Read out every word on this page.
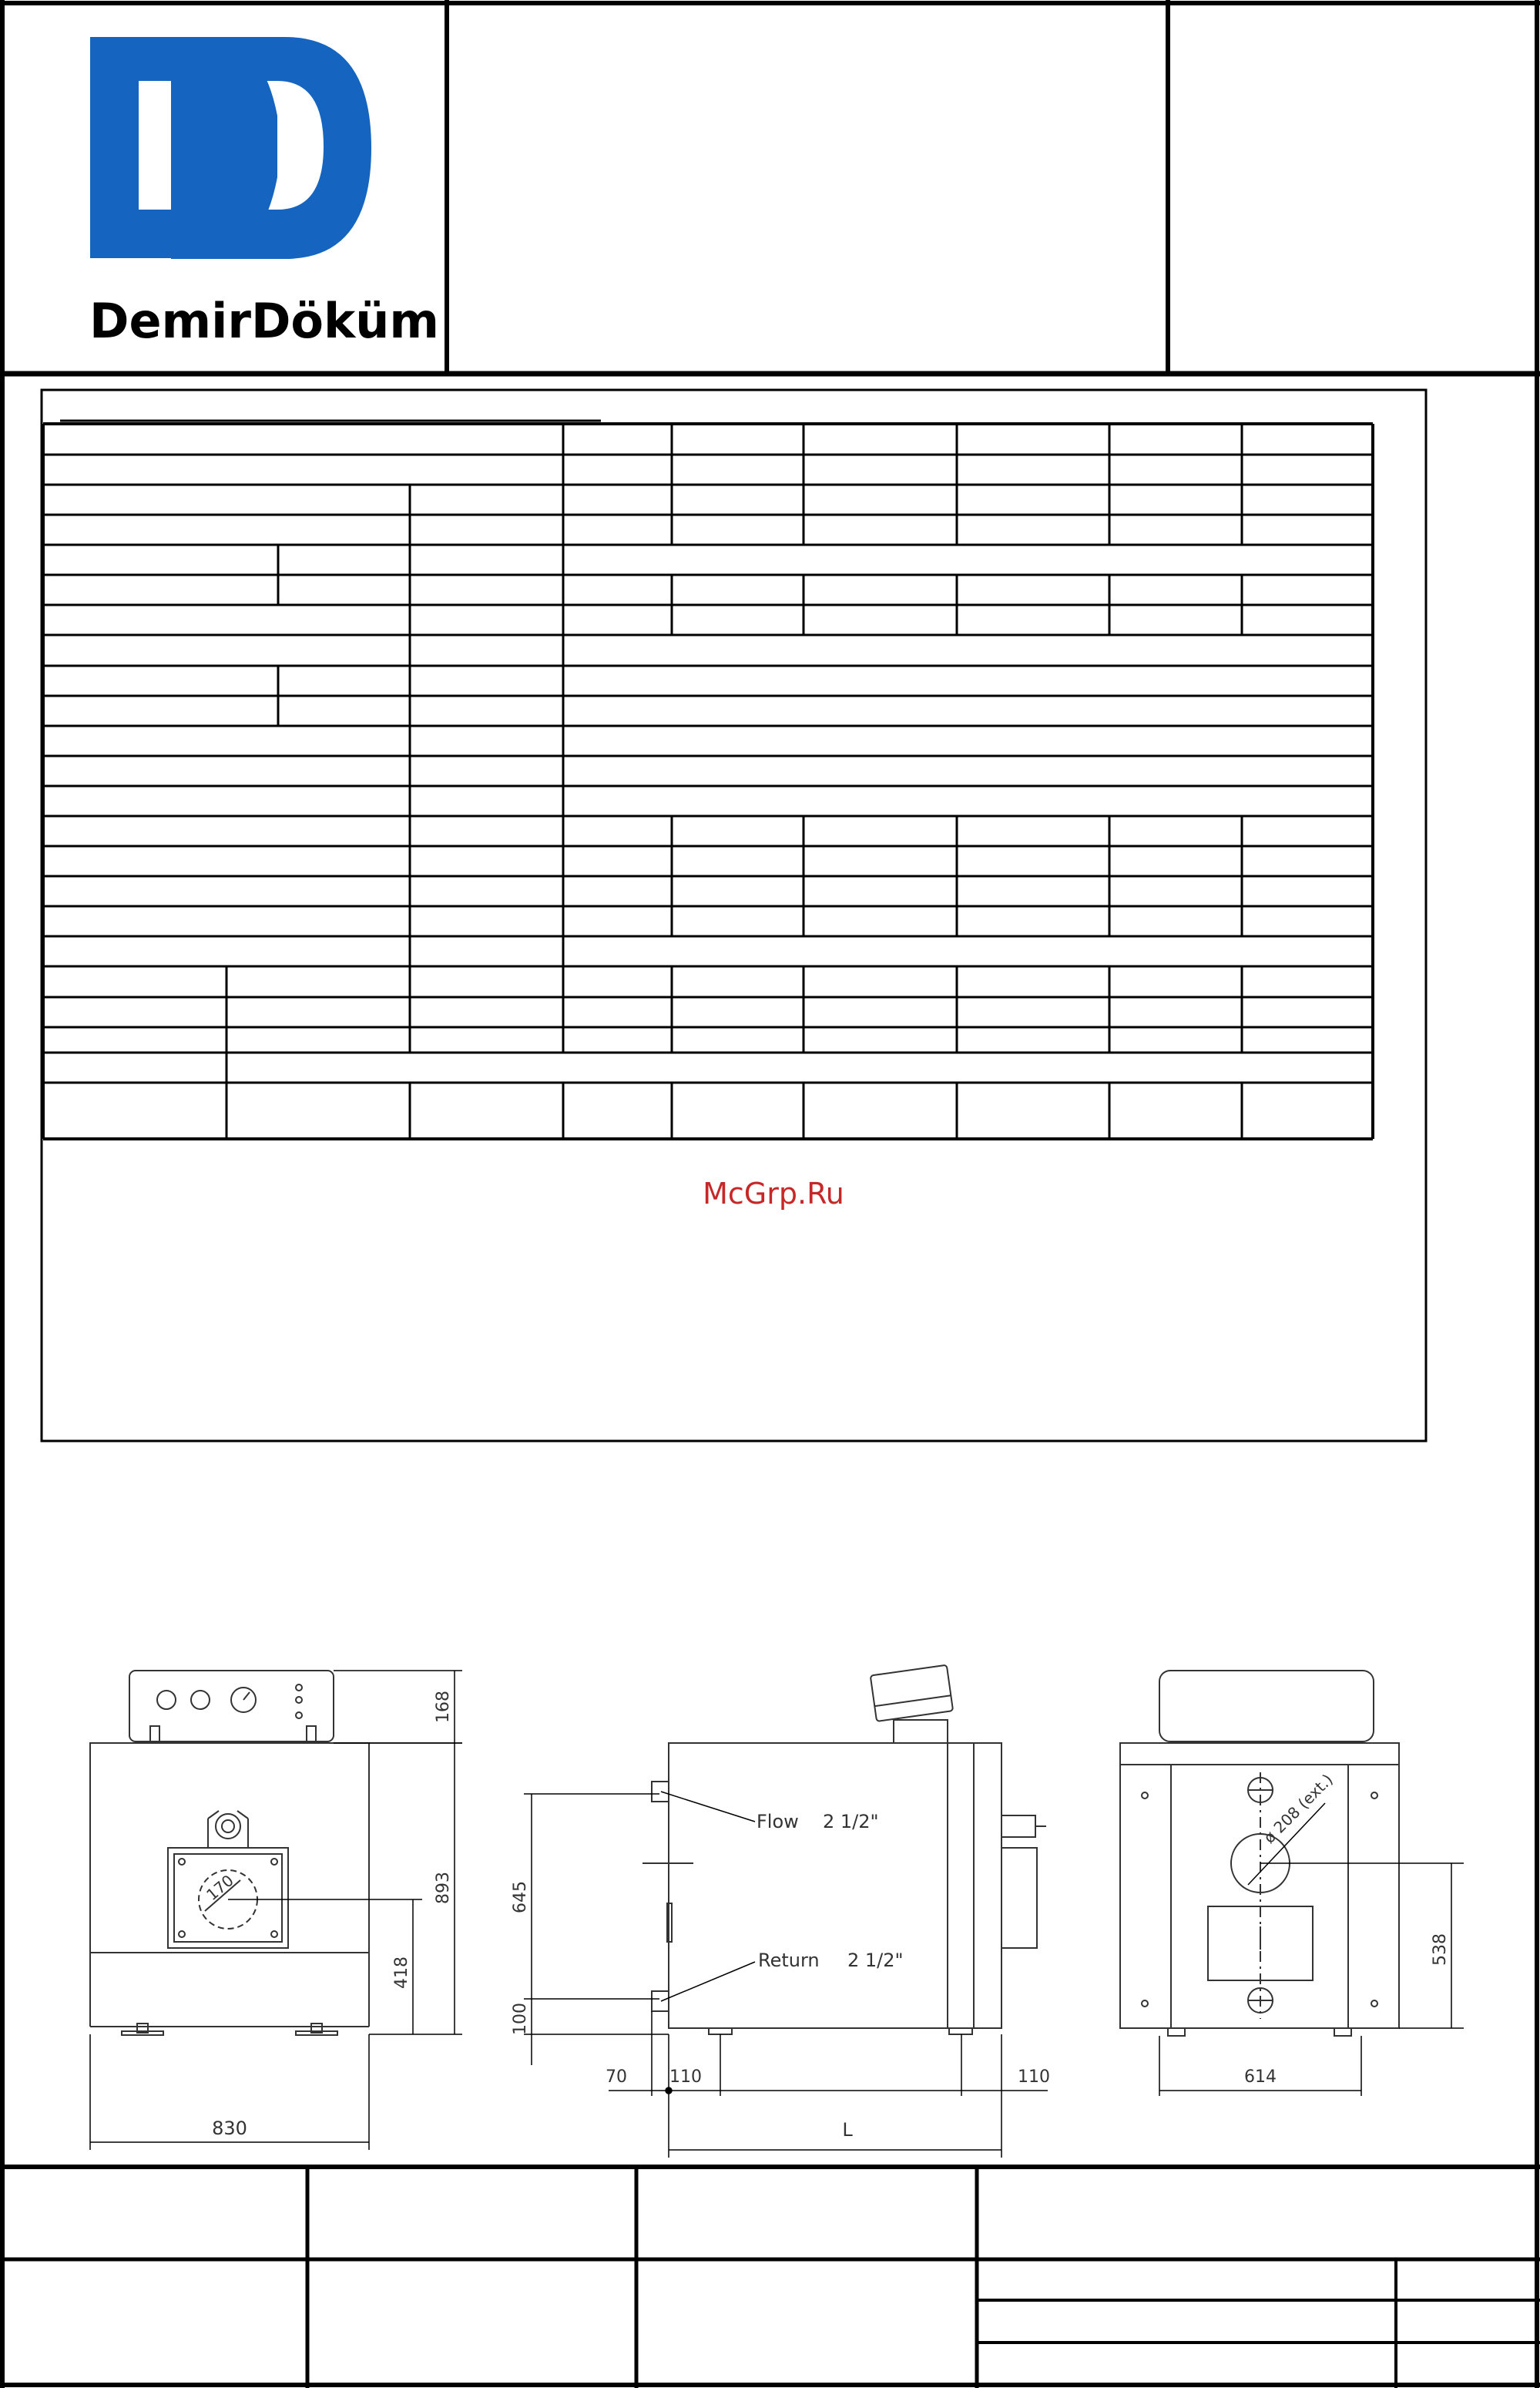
DemirDöküm
McGrp.Ru
830
168
893
418
170
Flow 2 1/2"
Return 2 1/2"
645
100
70	110	110
L
ø 208 (ext.)
538
614
